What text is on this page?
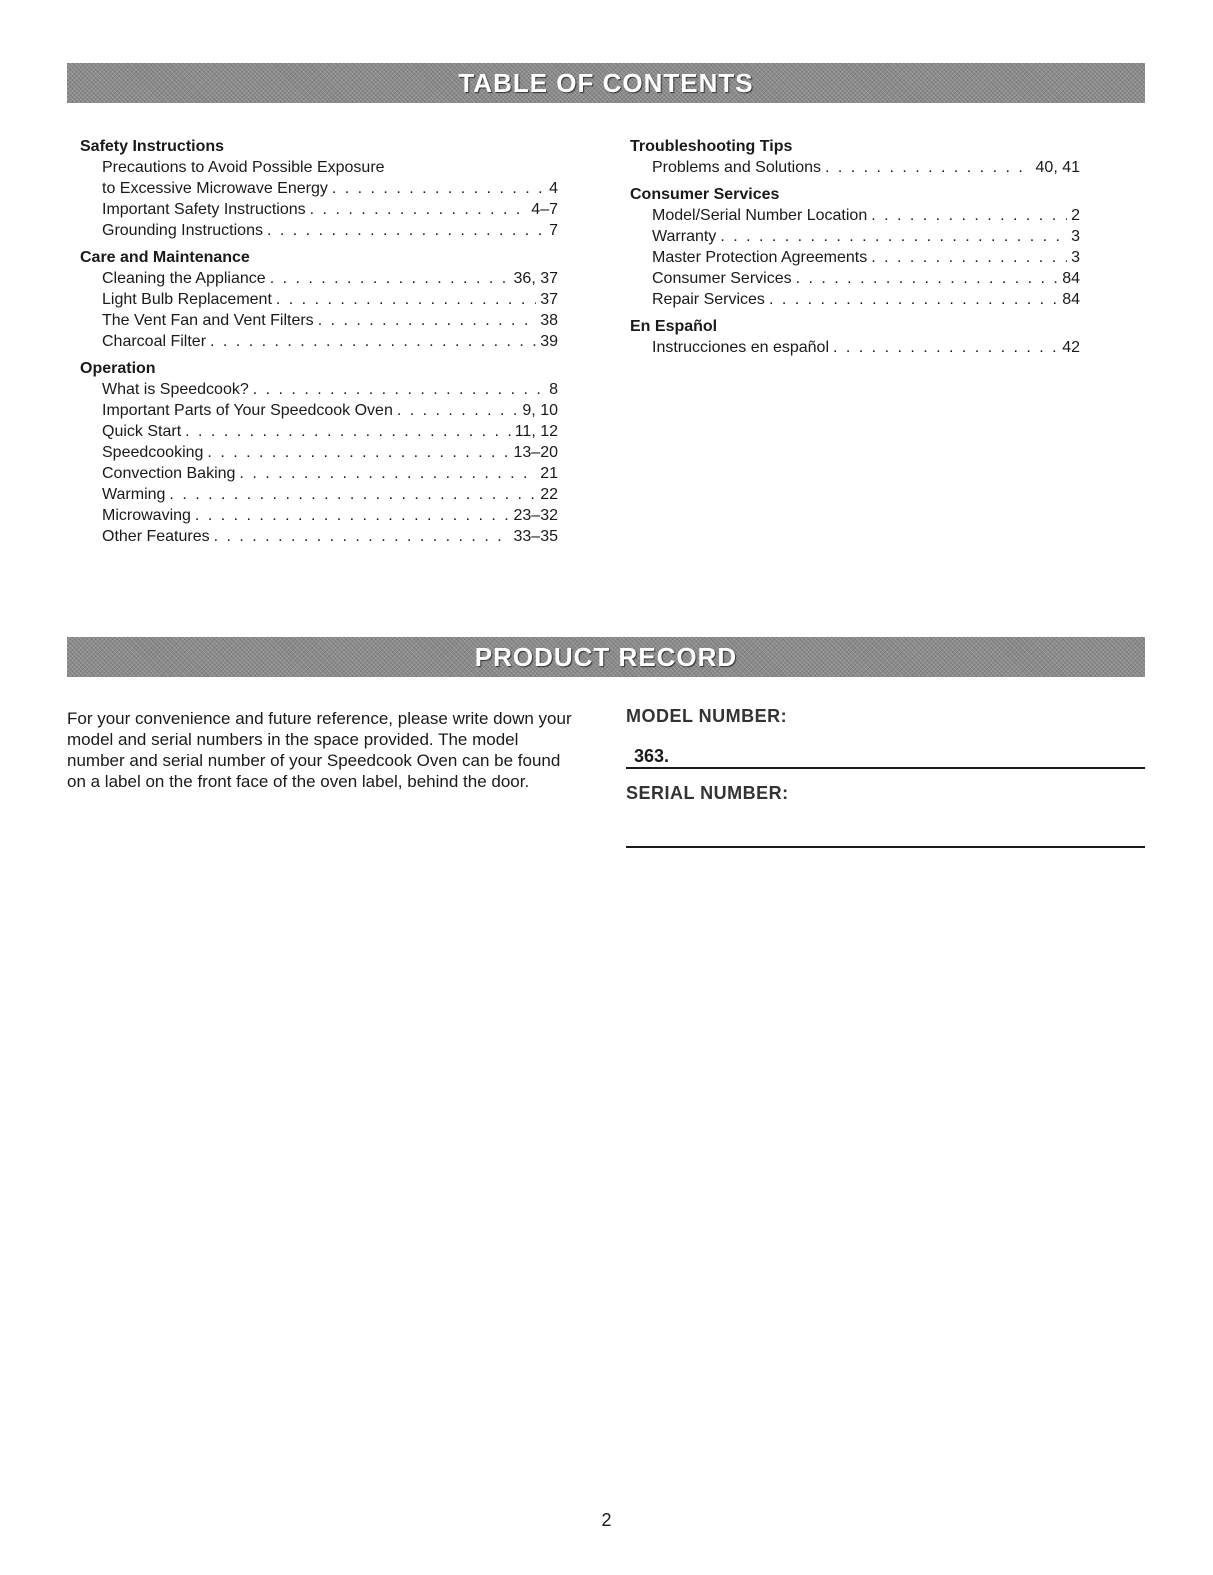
TABLE OF CONTENTS
Safety Instructions
Precautions to Avoid Possible Exposure
to Excessive Microwave Energy . . .	4
Important Safety Instructions . . .	4–7
Grounding Instructions . . .	7
Care and Maintenance
Cleaning the Appliance . . .	36, 37
Light Bulb Replacement . . .	37
The Vent Fan and Vent Filters . . .	38
Charcoal Filter . . .	39
Operation
What is Speedcook? . . .	8
Important Parts of Your Speedcook Oven . . .	9, 10
Quick Start . . .	11, 12
Speedcooking . . .	13–20
Convection Baking . . .	21
Warming . . .	22
Microwaving . . .	23–32
Other Features . . .	33–35
Troubleshooting Tips
Problems and Solutions . . .	40, 41
Consumer Services
Model/Serial Number Location . . .	2
Warranty . . .	3
Master Protection Agreements . . .	3
Consumer Services . . .	84
Repair Services . . .	84
En Español
Instrucciones en español . . .	42
PRODUCT RECORD
For your convenience and future reference, please write down your model and serial numbers in the space provided. The model number and serial number of your Speedcook Oven can be found on a label on the front face of the oven label, behind the door.
MODEL NUMBER:
363.
SERIAL NUMBER:
2
